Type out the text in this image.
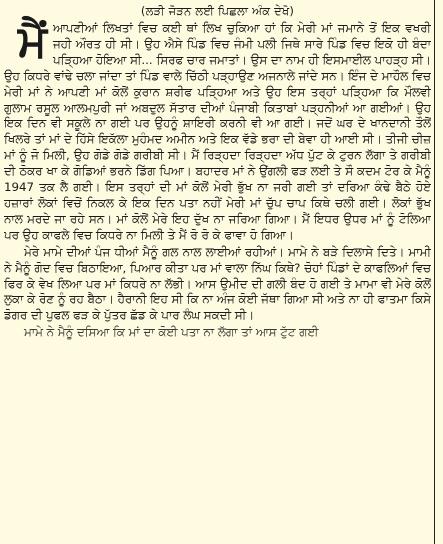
(ਲੜੀ ਜੋੜਨ ਲਈ ਪਿਛਲਾ ਅੰਕ ਦੇਖੋ)

ਮੈਂ ਆਪਣੀਆਂ ਲਿਖਤਾਂ ਵਿਚ ਕਈ ਥਾਂ ਲਿਖ ਚੁਕਿਆ ਹਾਂ ਕਿ ਮੇਰੀ ਮਾਂ ਜਮਾਨੇ ਤੋਂ ਇਕ ਵਖਰੀ ਜਹੀ ਔਰਤ ਹੀ ਸੀ। ਉਹ ਐਸੇ ਪਿੰਡ ਵਿਚ ਜੰਮੀ ਪਲੀ ਜਿਥੇ ਸਾਰੇ ਪਿੰਡ ਵਿਚ ਇਕੋ ਹੀ ਬੰਦਾ ਪੜ੍ਹਿਆ ਹੋਇਆ ਸੀ... ਸਿਰਫ ਚਾਰ ਜਮਾਤਾਂ। ਉਸ ਦਾ ਨਾਮ ਹੀ ਇਸਮਾਈਲ ਪਾਹੜ੍ਹ ਸੀ। ਉਹ ਕਿਧਰੇ ਵਾਂਢੇ ਚਲਾ ਜਾਂਦਾ ਤਾਂ ਪਿੰਡ ਵਾਲੇ ਚਿੱਠੀ ਪੜ੍ਹਾਉਣ ਅਜਨਾਲੇ ਜਾਂਦੇ ਸਨ। ਇੰਜ ਦੇ ਮਾਹੌਲ ਵਿਚ ਮੇਰੀ ਮਾਂ ਨੇ ਆਪਣੀ ਮਾਂ ਕੋਲੋਂ ਕੁਰਾਨ ਸ਼ਰੀਫ ਪੜ੍ਹਿਆ ਅਤੇ ਉਹ ਇਸ ਤਰ੍ਹਾਂ ਪੜ੍ਹਿਆ ਕਿ ਮੌਲਵੀ ਗੁਲਾਮ ਰਸੂਲ ਆਲਮਪੁਰੀ ਜਾਂ ਅਬਦੁਲ ਸੱਤਾਰ ਦੀਆਂ ਪੰਜਾਬੀ ਕਿਤਾਬਾਂ ਪੜ੍ਹਨੀਆਂ ਆ ਗਈਆਂ। ਉਹ ਇਕ ਦਿਨ ਵੀ ਸਕੂਲੇ ਨਾ ਗਈ ਪਰ ਉਹਨੂੰ ਸ਼ਾਇਰੀ ਕਰਨੀ ਵੀ ਆ ਗਈ। ਜਦੋਂ ਘਰ ਦੇ ਖਾਨਦਾਨੀ ਤੌਲੋਂ ਖਿਲਰੇ ਤਾਂ ਮਾਂ ਦੇ ਹਿੱਸੇ ਇਕੱਲਾ ਮੁਹੰਮਦ ਅਮੀਨ ਅਤੇ ਇਕ ਵੱਡੇ ਭਰਾ ਦੀ ਬੇਵਾ ਹੀ ਆਈ ਸੀ। ਤੀਜੀ ਚੀਜ਼ ਮਾਂ ਨੂੰ ਜੋ ਮਿਲੀ, ਉਹ ਗੋਡੇ ਗੋਡੇ ਗਰੀਬੀ ਸੀ। ਮੈਂ ਰਿੜ੍ਹਦਾ ਰਿੜ੍ਹਦਾ ਅੱਧ ਪੁੱਟ ਕੇ ਟੁਰਨ ਲੱਗਾ ਤੇ ਗਰੀਬੀ ਦੀ ਠੋਕਰ ਖਾ ਕੇ ਗੋਡਿਆਂ ਭਰਨੇ ਡਿੱਗ ਪਿਆ। ਬਹਾਦਰ ਮਾਂ ਨੇ ਉਂਗਲੀ ਫੜ ਲਈ ਤੇ ਸੌ ਕਦਮ ਟੋਰ ਕੇ ਮੈਨੂੰ 1947 ਤਕ ਲੈ ਗਈ। ਇਸ ਤਰ੍ਹਾਂ ਦੀ ਮਾਂ ਕੋਲੋਂ ਮੇਰੀ ਭੁੱਖ ਨਾ ਜਰੀ ਗਈ ਤਾਂ ਦਰਿਆ ਕੰਢੇ ਬੈਠੇ ਹੋਏ ਹਜ਼ਾਰਾਂ ਲੋਕਾਂ ਵਿਚੋਂ ਨਿਕਲ ਕੇ ਇਕ ਦਿਨ ਪਤਾ ਨਹੀਂ ਮੇਰੀ ਮਾਂ ਚੁੱਪ ਚਾਪ ਕਿਥੇ ਚਲੀ ਗਈ। ਲੋਕਾਂ ਭੁੱਖ ਨਾਲ ਮਰਦੇ ਜਾ ਰਹੇ ਸਨ। ਮਾਂ ਕੋਲੋਂ ਮੇਰੇ ਇਹ ਦੁੱਖ ਨਾ ਜਰਿਆ ਗਿਆ। ਮੈਂ ਇਧਰ ਉਧਰ ਮਾਂ ਨੂੰ ਟੋਲਿਆ ਪਰ ਉਹ ਕਾਫਲੇ ਵਿਚ ਕਿਧਰੇ ਨਾ ਮਿਲੀ ਤੇ ਮੈਂ ਰੋ ਰੋ ਕੇ ਫਾਵਾ ਹੋ ਗਿਆ।

ਮੇਰੇ ਮਾਮੇ ਦੀਆਂ ਪੰਜ ਧੀਆਂ ਮੈਨੂੰ ਗਲ ਨਾਲ ਲਾਈਆਂ ਰਹੀਆਂ। ਮਾਮੇ ਨੇ ਬੜੇ ਦਿਲਾਸੇ ਦਿਤੇ। ਮਾਮੀ ਨੇ ਮੈਨੂੰ ਗੋਦ ਵਿਚ ਬਿਠਾਇਆ, ਪਿਆਰ ਕੀਤਾ ਪਰ ਮਾਂ ਵਾਲਾ ਨਿੱਘ ਕਿਥੇ? ਚੋਹਾਂ ਪਿੰਡਾਂ ਦੇ ਕਾਫਲਿਆਂ ਵਿਚ ਫਿਰ ਕੇ ਵੇਖ ਲਿਆ ਪਰ ਮਾਂ ਕਿਧਰੇ ਨਾ ਲੱਭੀ। ਆਸ ਉਮੀਦ ਦੀ ਗਲੀ ਬੰਦ ਹੋ ਗਈ ਤੇ ਮਾਮਾ ਵੀ ਮੇਰੇ ਕੋਲੋਂ ਲੁਕਾ ਕੇ ਰੋਣ ਨੂੰ ਰਹ ਬੈਠਾ। ਹੈਰਾਨੀ ਇਹ ਸੀ ਕਿ ਨਾ ਅੰਜ ਕੋਈ ਜੱਥਾ ਗਿਆ ਸੀ ਅਤੇ ਨਾ ਹੀ ਫਾਤਮਾ ਕਿਸੇ ਡੋਗਰ ਦੀ ਪੁਫਲ ਫੜ ਕੇ ਪੁੱਤਰ ਛੱਡ ਕੇ ਪਾਰ ਲੰਘ ਸਕਦੀ ਸੀ।

ਮਾਮੇ ਨੇ ਮੈਨੂੰ ਦਸਿਆ ਕਿ ਮਾਂ ਦਾ ਕੋਈ ਪਤਾ ਨਾ ਲੱਗਾ ਤਾਂ ਆਸ ਟੁੱਟ ਗਈ
